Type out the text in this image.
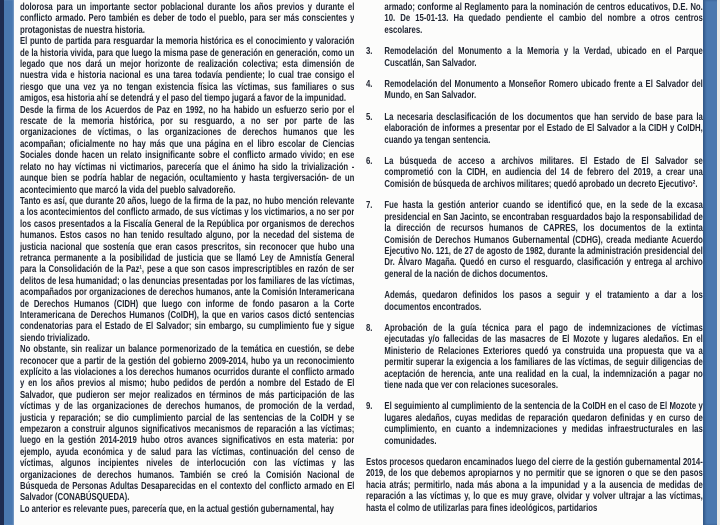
dolorosa para un importante sector poblacional durante los años previos y durante el conflicto armado. Pero también es deber de todo el pueblo, para ser más conscientes y protagonistas de nuestra historia.

El punto de partida para resguardar la memoria histórica es el conocimiento y valoración de la historia vivida, para que luego la misma pase de generación en generación, como un legado que nos dará un mejor horizonte de realización colectiva; esta dimensión de nuestra vida e historia nacional es una tarea todavía pendiente; lo cual trae consigo el riesgo que una vez ya no tengan existencia física las víctimas, sus familiares o sus amigos, esa historia ahí se detendrá y el paso del tiempo jugará a favor de la impunidad.

Desde la firma de los Acuerdos de Paz en 1992, no ha habido un esfuerzo serio por el rescate de la memoria histórica, por su resguardo, a no ser por parte de las organizaciones de víctimas, o las organizaciones de derechos humanos que les acompañan; oficialmente no hay más que una página en el libro escolar de Ciencias Sociales donde hacen un relato insignificante sobre el conflicto armado vivido; en ese relato no hay víctimas ni victimarios, parecería que el ánimo ha sido la trivialización -aunque bien se podría hablar de negación, ocultamiento y hasta tergiversación- de un acontecimiento que marcó la vida del pueblo salvadoreño.

Tanto es así, que durante 20 años, luego de la firma de la paz, no hubo mención relevante a los acontecimientos del conflicto armado, de sus víctimas y los victimarios, a no ser por los casos presentados a la Fiscalía General de la República por organismos de derechos humanos. Estos casos no han tenido resultado alguno, por la necedad del sistema de justicia nacional que sostenía que eran casos prescritos, sin reconocer que hubo una retranca permanente a la posibilidad de justicia que se llamó Ley de Amnistía General para la Consolidación de la Paz¹, pese a que son casos imprescriptibles en razón de ser delitos de lesa humanidad; o las denuncias presentadas por los familiares de las víctimas, acompañados por organizaciones de derechos humanos, ante la Comisión Interamericana de Derechos Humanos (CIDH) que luego con informe de fondo pasaron a la Corte Interamericana de Derechos Humanos (CoIDH), la que en varios casos dictó sentencias condenatorias para el Estado de El Salvador; sin embargo, su cumplimiento fue y sigue siendo trivializado.

No obstante, sin realizar un balance pormenorizado de la temática en cuestión, se debe reconocer que a partir de la gestión del gobierno 2009-2014, hubo ya un reconocimiento explícito a las violaciones a los derechos humanos ocurridos durante el conflicto armado y en los años previos al mismo; hubo pedidos de perdón a nombre del Estado de El Salvador, que pudieron ser mejor realizados en términos de más participación de las víctimas y de las organizaciones de derechos humanos, de promoción de la verdad, justicia y reparación; se dio cumplimiento parcial de las sentencias de la CoIDH y se empezaron a construir algunos significativos mecanismos de reparación a las víctimas; luego en la gestión 2014-2019 hubo otros avances significativos en esta materia: por ejemplo, ayuda económica y de salud para las víctimas, continuación del censo de víctimas, algunos incipientes niveles de interlocución con las víctimas y las organizaciones de derechos humanos. También se creó la Comisión Nacional de Búsqueda de Personas Adultas Desaparecidas en el contexto del conflicto armado en El Salvador (CONABÚSQUEDA).

Lo anterior es relevante pues, parecería que, en la actual gestión gubernamental, hay

armado; conforme al Reglamento para la nominación de centros educativos, D.E. No. 10. De 15-01-13. Ha quedado pendiente el cambio del nombre a otros centros escolares.

3.	Remodelación del Monumento a la Memoria y la Verdad, ubicado en el Parque Cuscatlán, San Salvador.
4.	Remodelación del Monumento a Monseñor Romero ubicado frente a El Salvador del Mundo, en San Salvador.
5.	La necesaria desclasificación de los documentos que han servido de base para la elaboración de informes a presentar por el Estado de El Salvador a la CIDH y CoIDH, cuando ya tengan sentencia.
6.	La búsqueda de acceso a archivos militares. El Estado de El Salvador se comprometió con la CIDH, en audiencia del 14 de febrero del 2019, a crear una Comisión de búsqueda de archivos militares; quedó aprobado un decreto Ejecutivo².
7.	Fue hasta la gestión anterior cuando se identificó que, en la sede de la excasa presidencial en San Jacinto, se encontraban resguardados bajo la responsabilidad de la dirección de recursos humanos de CAPRES, los documentos de la extinta Comisión de Derechos Humanos Gubernamental (CDHG), creada mediante Acuerdo Ejecutivo No. 121, de 27 de agosto de 1982, durante la administración presidencial del Dr. Álvaro Magaña. Quedó en curso el resguardo, clasificación y entrega al archivo general de la nación de dichos documentos.

Además, quedaron definidos los pasos a seguir y el tratamiento a dar a los documentos encontrados.

8.	Aprobación de la guía técnica para el pago de indemnizaciones de víctimas ejecutadas y/o fallecidas de las masacres de El Mozote y lugares aledaños. En el Ministerio de Relaciones Exteriores quedó ya construida una propuesta que va a permitir superar la exigencia a los familiares de las víctimas, de seguir diligencias de aceptación de herencia, ante una realidad en la cual, la indemnización a pagar no tiene nada que ver con relaciones sucesorales.
9.	El seguimiento al cumplimiento de la sentencia de la CoIDH en el caso de El Mozote y lugares aledaños, cuyas medidas de reparación quedaron definidas y en curso de cumplimiento, en cuanto a indemnizaciones y medidas infraestructurales en las comunidades.

Estos procesos quedaron encaminados luego del cierre de la gestión gubernamental 2014-2019, de los que debemos apropiarnos y no permitir que se ignoren o que se den pasos hacia atrás; permitirlo, nada más abona a la impunidad y a la ausencia de medidas de reparación a las víctimas y, lo que es muy grave, olvidar y volver ultrajar a las víctimas, hasta el colmo de utilizarlas para fines ideológicos, partidarios
